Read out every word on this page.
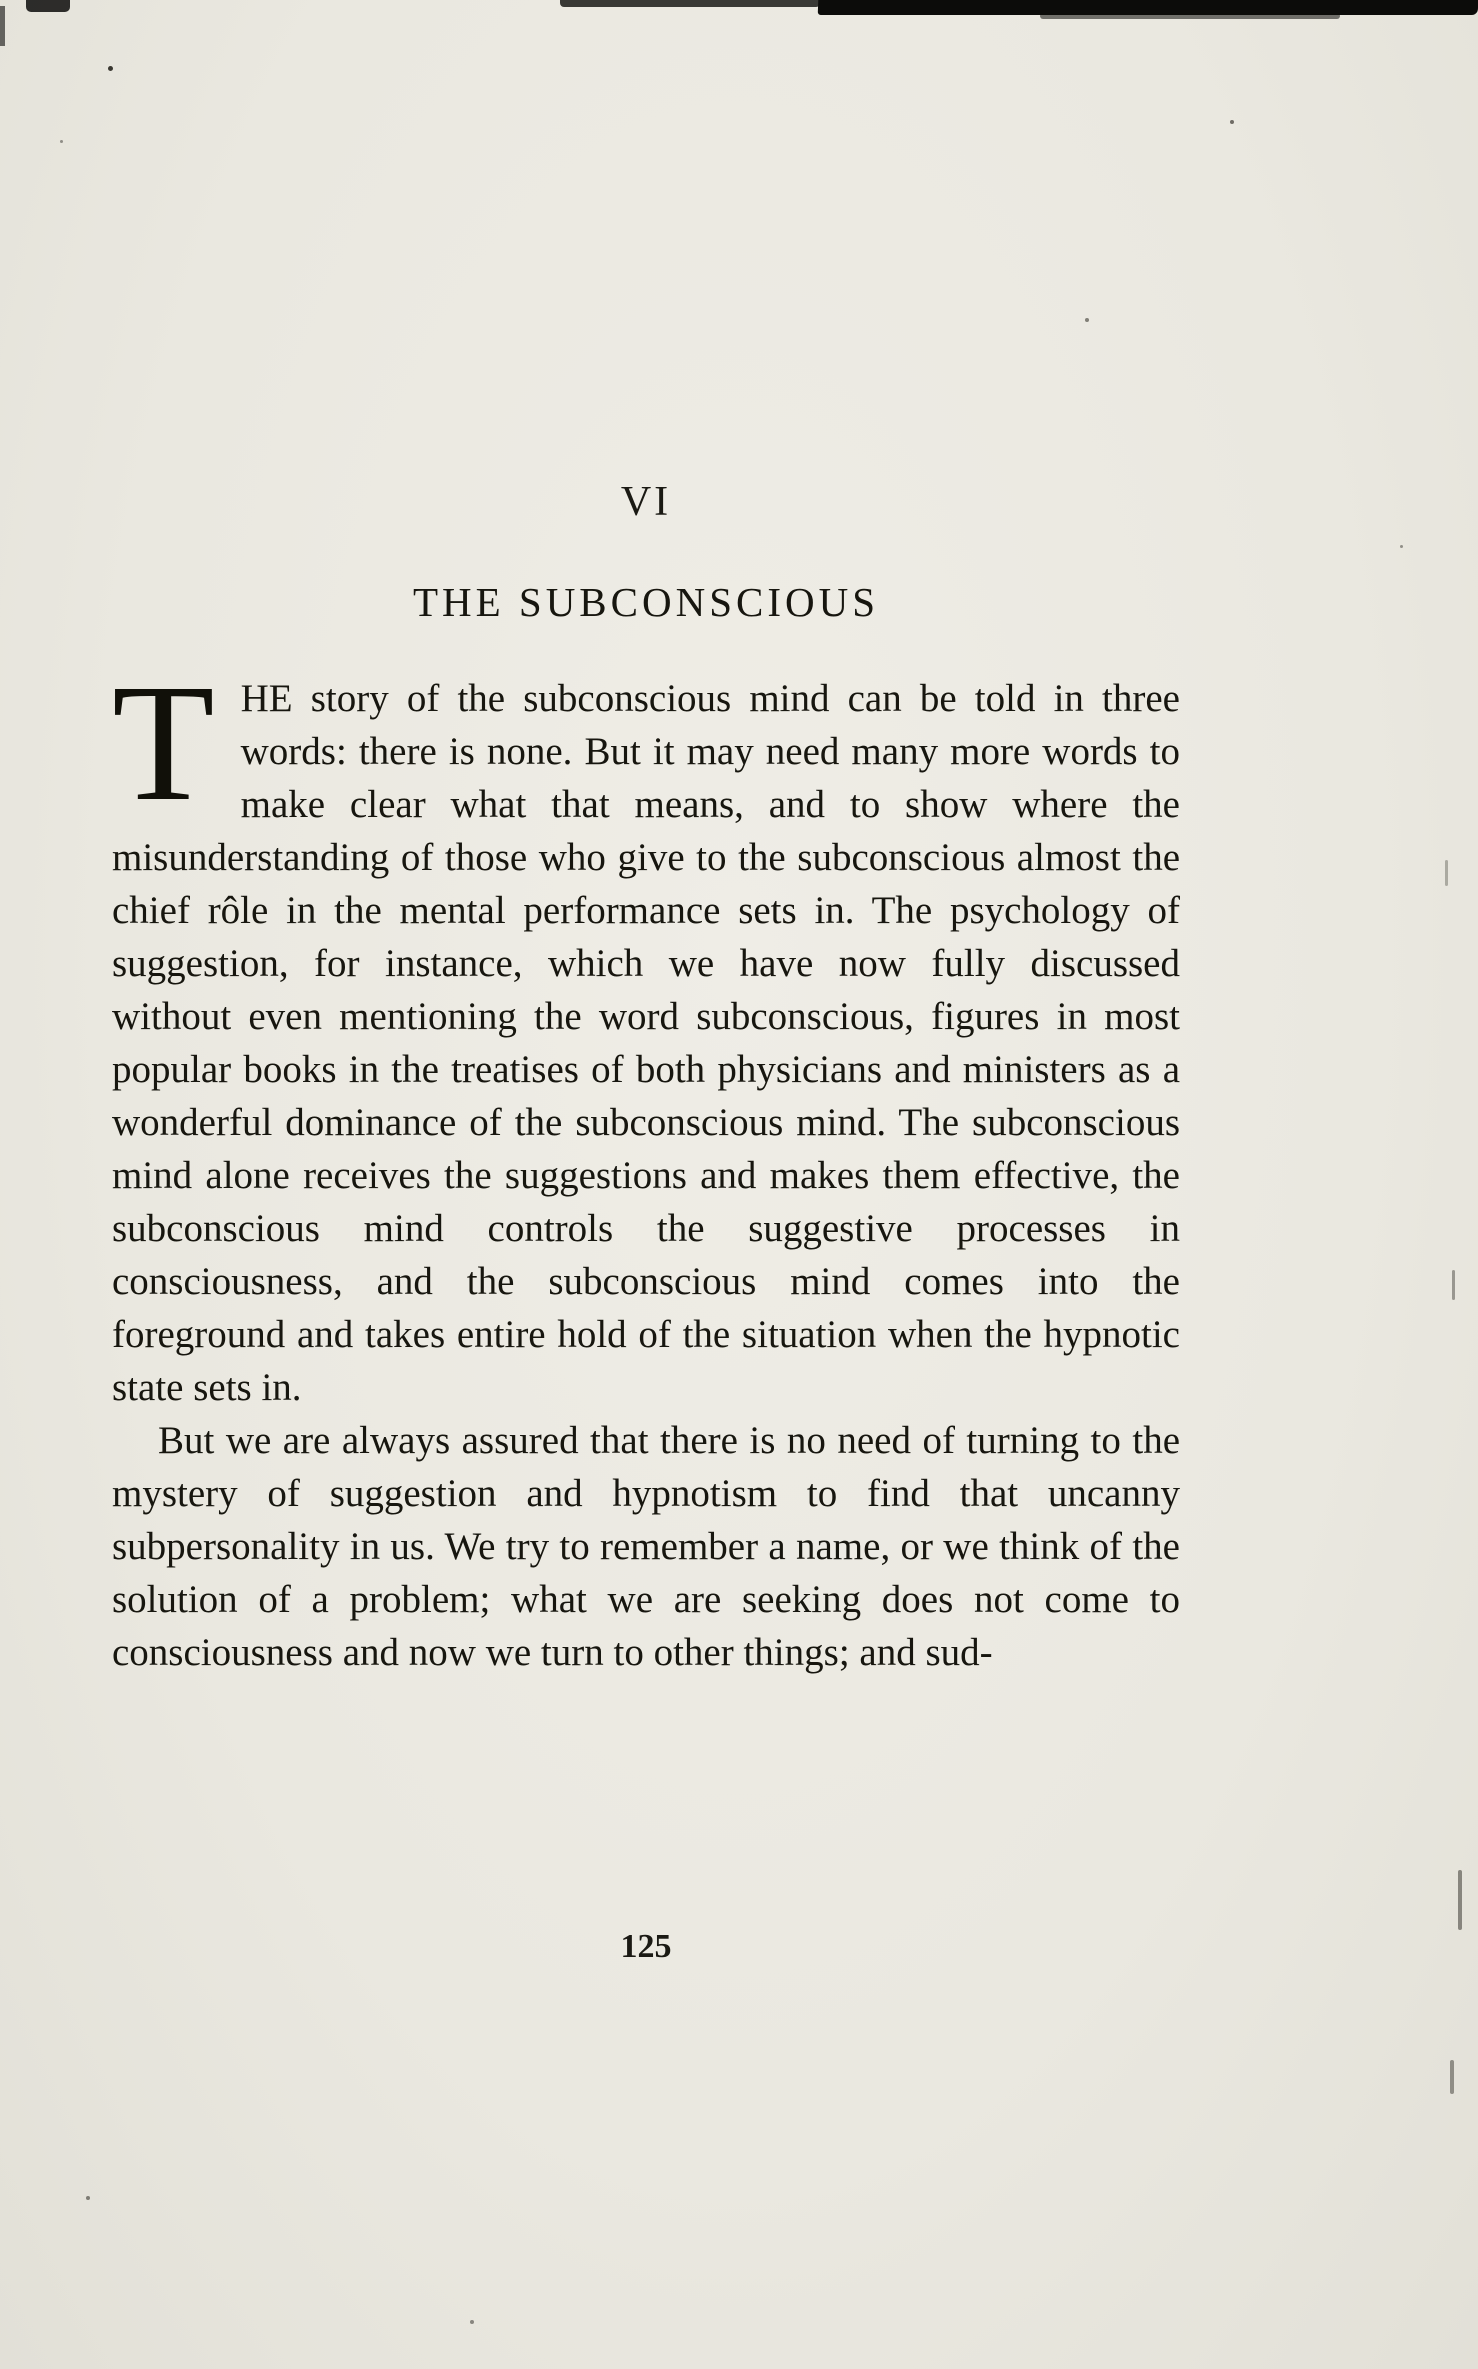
VI
THE SUBCONSCIOUS

THE story of the subconscious mind can be told in three words: there is none. But it may need many more words to make clear what that means, and to show where the misunderstanding of those who give to the subconscious almost the chief rôle in the mental performance sets in. The psychology of suggestion, for instance, which we have now fully discussed without even mentioning the word subconscious, figures in most popular books in the treatises of both physicians and ministers as a wonderful dominance of the subconscious mind. The subconscious mind alone receives the suggestions and makes them effective, the subconscious mind controls the suggestive processes in consciousness, and the subconscious mind comes into the foreground and takes entire hold of the situation when the hypnotic state sets in.

But we are always assured that there is no need of turning to the mystery of suggestion and hypnotism to find that uncanny subpersonality in us. We try to remember a name, or we think of the solution of a problem; what we are seeking does not come to consciousness and now we turn to other things; and sud-

125
